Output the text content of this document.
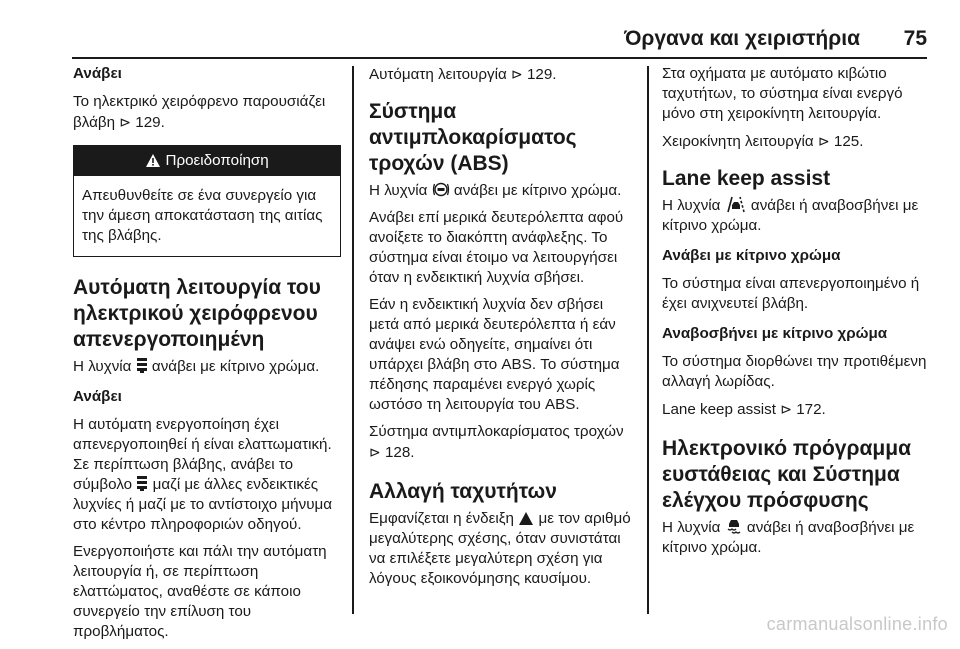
Όργανα και χειριστήρια	75
Ανάβει

Το ηλεκτρικό χειρόφρενο παρουσιάζει βλάβη ⊳ 129.

Προειδοποίηση
Απευθυνθείτε σε ένα συνεργείο για την άμεση αποκατάσταση της αιτίας της βλάβης.
Αυτόματη λειτουργία του ηλεκτρικού χειρόφρενου απενεργοποιημένη

Η λυχνία ανάβει με κίτρινο χρώμα.

Ανάβει

Η αυτόματη ενεργοποίηση έχει απενεργοποιηθεί ή είναι ελαττωματική. Σε περίπτωση βλάβης, ανάβει το σύμβολο μαζί με άλλες ενδεικτικές λυχνίες ή μαζί με το αντίστοιχο μήνυμα στο κέντρο πληροφοριών οδηγού.

Ενεργοποιήστε και πάλι την αυτόματη λειτουργία ή, σε περίπτωση ελαττώματος, αναθέστε σε κάποιο συνεργείο την επίλυση του προβλήματος.

Αυτόματη λειτουργία ⊳ 129.

Σύστημα αντιμπλοκαρίσματος τροχών (ABS)

Η λυχνία ανάβει με κίτρινο χρώμα.

Ανάβει επί μερικά δευτερόλεπτα αφού ανοίξετε το διακόπτη ανάφλεξης. Το σύστημα είναι έτοιμο να λειτουργήσει όταν η ενδεικτική λυχνία σβήσει.

Εάν η ενδεικτική λυχνία δεν σβήσει μετά από μερικά δευτερόλεπτα ή εάν ανάψει ενώ οδηγείτε, σημαίνει ότι υπάρχει βλάβη στο ABS. Το σύστημα πέδησης παραμένει ενεργό χωρίς ωστόσο τη λειτουργία του ABS.

Σύστημα αντιμπλοκαρίσματος τροχών ⊳ 128.

Αλλαγή ταχυτήτων

Εμφανίζεται η ένδειξη με τον αριθμό μεγαλύτερης σχέσης, όταν συνιστάται να επιλέξετε μεγαλύτερη σχέση για λόγους εξοικονόμησης καυσίμου.

Στα οχήματα με αυτόματο κιβώτιο ταχυτήτων, το σύστημα είναι ενεργό μόνο στη χειροκίνητη λειτουργία.

Χειροκίνητη λειτουργία ⊳ 125.

Lane keep assist

Η λυχνία ανάβει ή αναβοσβήνει με κίτρινο χρώμα.

Ανάβει με κίτρινο χρώμα

Το σύστημα είναι απενεργοποιημένο ή έχει ανιχνευτεί βλάβη.

Αναβοσβήνει με κίτρινο χρώμα

Το σύστημα διορθώνει την προτιθέμενη αλλαγή λωρίδας.

Lane keep assist ⊳ 172.

Ηλεκτρονικό πρόγραμμα ευστάθειας και Σύστημα ελέγχου πρόσφυσης

Η λυχνία ανάβει ή αναβοσβήνει με κίτρινο χρώμα.

carmanualsonline.info
